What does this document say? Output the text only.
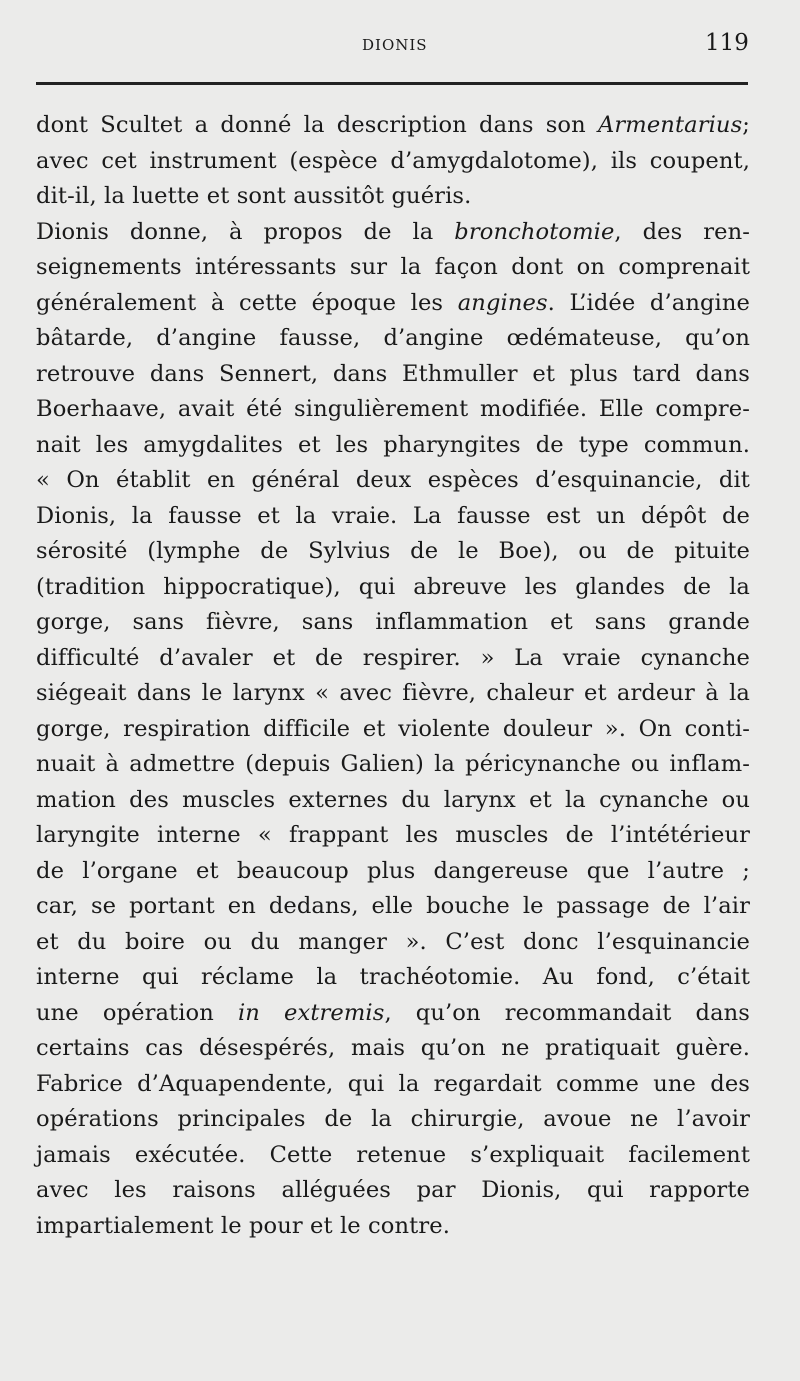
DIONIS	119
dont Scultet a donné la description dans son Armentarius;
avec cet instrument (espèce d’amygdalotome), ils coupent,
dit-il, la luette et sont aussitôt guéris.
Dionis donne, à propos de la bronchotomie, des ren-
seignements intéressants sur la façon dont on comprenait
généralement à cette époque les angines. L’idée d’angine
bâtarde, d’angine fausse, d’angine œdémateuse, qu’on
retrouve dans Sennert, dans Ethmuller et plus tard dans
Boerhaave, avait été singulièrement modifiée. Elle compre-
nait les amygdalites et les pharyngites de type commun.
« On établit en général deux espèces d’esquinancie, dit
Dionis, la fausse et la vraie. La fausse est un dépôt de
sérosité (lymphe de Sylvius de le Boe), ou de pituite
(tradition hippocratique), qui abreuve les glandes de la
gorge, sans fièvre, sans inflammation et sans grande
difficulté d’avaler et de respirer. » La vraie cynanche
siégeait dans le larynx « avec fièvre, chaleur et ardeur à la
gorge, respiration difficile et violente douleur ». On conti-
nuait à admettre (depuis Galien) la péricynanche ou inflam-
mation des muscles externes du larynx et la cynanche ou
laryngite interne « frappant les muscles de l’intétérieur
de l’organe et beaucoup plus dangereuse que l’autre ;
car, se portant en dedans, elle bouche le passage de l’air
et du boire ou du manger ». C’est donc l’esquinancie
interne qui réclame la trachéotomie. Au fond, c’était
une opération in extremis, qu’on recommandait dans
certains cas désespérés, mais qu’on ne pratiquait guère.
Fabrice d’Aquapendente, qui la regardait comme une des
opérations principales de la chirurgie, avoue ne l’avoir
jamais exécutée. Cette retenue s’expliquait facilement
avec les raisons alléguées par Dionis, qui rapporte
impartialement le pour et le contre.
